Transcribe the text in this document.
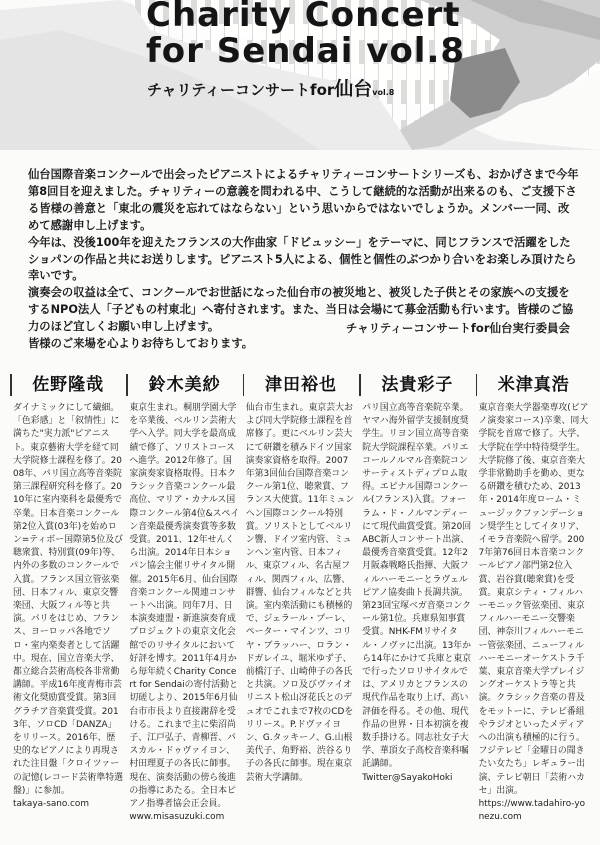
Charity Concert
for Sendai vol.8
チャリティーコンサートfor仙台vol.8

仙台国際音楽コンクールで出会ったピアニストによるチャリティーコンサートシリーズも、おかげさまで今年第8回目を迎えました。チャリティーの意義を問われる中、こうして継続的な活動が出来るのも、ご支援下さる皆様の善意と「東北の震災を忘れてはならない」という思いからではないでしょうか。メンバー一同、改めて感謝申し上げます。

今年は、没後100年を迎えたフランスの大作曲家「ドビュッシー」をテーマに、同じフランスで活躍をしたショパンの作品と共にお送りします。ピアニスト5人による、個性と個性のぶつかり合いをお楽しみ頂けたら幸いです。

演奏会の収益は全て、コンクールでお世話になった仙台市の被災地と、被災した子供とその家族への支援をするNPO法人「子どもの村東北」へ寄付されます。また、当日は会場にて募金活動も行います。皆様のご協力のほど宜しくお願い申し上げます。

皆様のご来場を心よりお待ちしております。

チャリティーコンサートfor仙台実行委員会
佐野隆哉
ダイナミックにして繊細。「色彩感」と「叙情性」に満ちた"実力派"ピアニスト。東京藝術大学を経て同大学院修士課程を修了。2008年、パリ国立高等音楽院第三課程研究科を修了。2010年に室内楽科を最優秀で卒業。日本音楽コンクール第2位入賞(03年)を始めロン=ティボー国際第5位及び聴衆賞、特別賞(09年)等、内外の多数のコンクールで入賞。フランス国立管弦楽団、日本フィル、東京交響楽団、大阪フィル等と共演。パリをはじめ、フランス、ヨーロッパ各地でソロ・室内楽奏者として活躍中。現在、国立音楽大学、都立総合芸術高校各非常勤講師。平成16年度青梅市芸術文化奨励賞受賞。第3回グラチア音楽賞受賞。2013年、ソロCD「DANZA」をリリース。2016年、歴史的なピアノにより再現された注目盤「クロイツァーの記憶(レコード芸術準特選盤)」に参加。
takaya-sano.com
鈴木美紗
東京生まれ。桐朋学園大学を卒業後、ベルリン芸術大学へ入学。同大学を最高成績で修了、ソリストコースへ進学。2012年修了。国家演奏家資格取得。日本クラシック音楽コンクール最高位、マリア・カナルス国際コンクール第4位&スペイン音楽最優秀演奏賞等多数受賞。2011、12年せんくら出演。2014年日本ショパン協会主催リサイタル開催。2015年6月、仙台国際音楽コンクール関連コンサートへ出演。同年7月、日本演奏連盟・新進演奏育成プロジェクトの東京文化会館でのリサイタルにおいて好評を博す。2011年4月から毎年続くCharity Concert for Sendaiの寄付活動と切磋しより、2015年6月仙台市市長より直接謝辞を受ける。これまで主に柴沼尚子、江戸弘子、青柳晋、パスカル・ドゥヴァイヨン、村田理夏子の各氏に師事。現在、演奏活動の傍ら後進の指導にあたる。全日本ピアノ指導者協会正会員。
www.misasuzuki.com
津田裕也
仙台市生まれ。東京芸大および同大学院修士課程を首席修了。更にベルリン芸大にて研鑽を積みドイツ国家演奏家資格を取得。2007年第3回仙台国際音楽コンクール第1位、聴衆賞、フランス大使賞。11年ミュンヘン国際コンクール特別賞。ソリストとしてベルリン響、ドイツ室内管、ミュンヘン室内管、日本フィル、東京フィル、名古屋フィル、関西フィル、広響、群響、仙台フィルなどと共演。室内楽活動にも積極的で、ジェラール・プーレ、ペーター・マインツ、コリヤ・ブラッハー、ロラン・ドガレイユ、堀米ゆず子、前橋汀子、山崎伸子の各氏と共演。ソロ及びヴァイオリニスト松山冴花氏とのデュオでこれまで7枚のCDをリリース。P.ドヴァイヨン、G.タッキーノ、G.山根美代子、角野裕、渋谷るり子の各氏に師事。現在東京芸術大学講師。
法貴彩子
パリ国立高等音楽院卒業。ヤマハ海外留学支援制度奨学生。リヨン国立高等音楽院大学院課程卒業。パリエコールノルマル音楽院コンサーティストディプロム取得。エピナル国際コンクール(フランス)入賞。フォーラム・ド・ノルマンディーにて現代曲賞受賞。第20回ABC新人コンサート出演、最優秀音楽賞受賞。12年2月阪森戦略氏指揮、大阪フィルハーモニーとラヴェルピアノ協奏曲ト長調共演。第23回宝塚ベガ音楽コンクール第1位。兵庫県知事賞受賞。NHK-FMリサイタル・ノヴァに出演。13年から14年にかけて兵庫と東京で行ったソロリサイタルでは、アメリカとフランスの現代作品を取り上げ、高い評価を得る。その他、現代作品の世界・日本初演を複数手掛ける。同志社女子大学、華頂女子高校音楽科嘱託講師。
Twitter@SayakoHoki
米津真浩
東京音楽大学器楽専攻(ピアノ演奏家コース)卒業、同大学院を首席で修了。大学、大学院在学中特待奨学生。大学院修了後、東京音楽大学非常勤助手を勤め、更なる研鑽を積むため、2013年・2014年度ローム・ミュージックファンデーション奨学生としてイタリア、イモラ音楽院へ留学。2007年第76回日本音楽コンクールピアノ部門第2位入賞、岩谷賞(聴衆賞)を受賞。東京シティ・フィルハーモニック管弦楽団、東京フィルハーモニー交響楽団、神奈川フィルハーモニー管弦楽団、ニューフィルハーモニーオーケストラ千葉、東京音楽大学プレイジングオーケストラ等と共演。クラシック音楽の普及をモットーに、テレビ番組やラジオといったメディアへの出演も積極的に行う。フジテレビ「金曜日の聞きたい女たち」レギュラー出演、テレビ朝日「芸術ハカセ」出演。
https://www.tadahiro-yonezu.com
